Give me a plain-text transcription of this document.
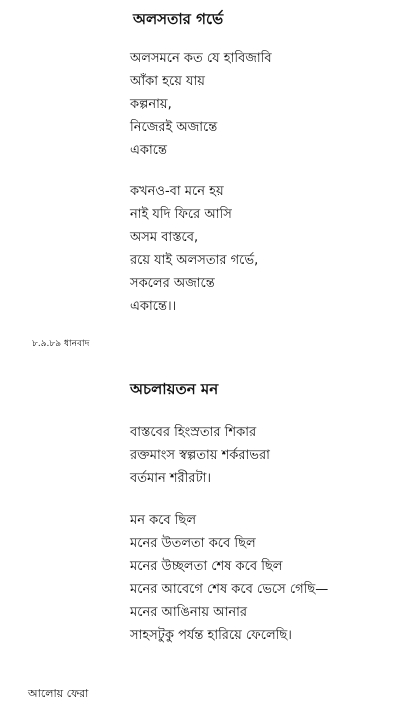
অলসতার গর্ভে
অলসমনে কত যে হাবিজাবি
আঁকা হয়ে যায়
কল্পনায়,
নিজেরই অজান্তে
একান্তে
কখনও-বা মনে হয়
নাই যদি ফিরে আসি
অসম বাস্তবে,
রয়ে যাই অলসতার গর্ভে,
সকলের অজান্তে
একান্তে।।
৮.৯.৮৯ ধানবাদ
অচলায়তন মন
বাস্তবের হিংস্রতার শিকার
রক্তমাংস স্বল্পতায় শর্করাভরা
বর্তমান শরীরটা।
মন কবে ছিল
মনের উতলতা কবে ছিল
মনের উচ্ছলতা শেষ কবে ছিল
মনের আবেগে শেষ কবে ভেসে গেছি—
মনের আঙিনায় আনার
সাহসটুকু পর্যন্ত হারিয়ে ফেলেছি।
আলোয় ফেরা
